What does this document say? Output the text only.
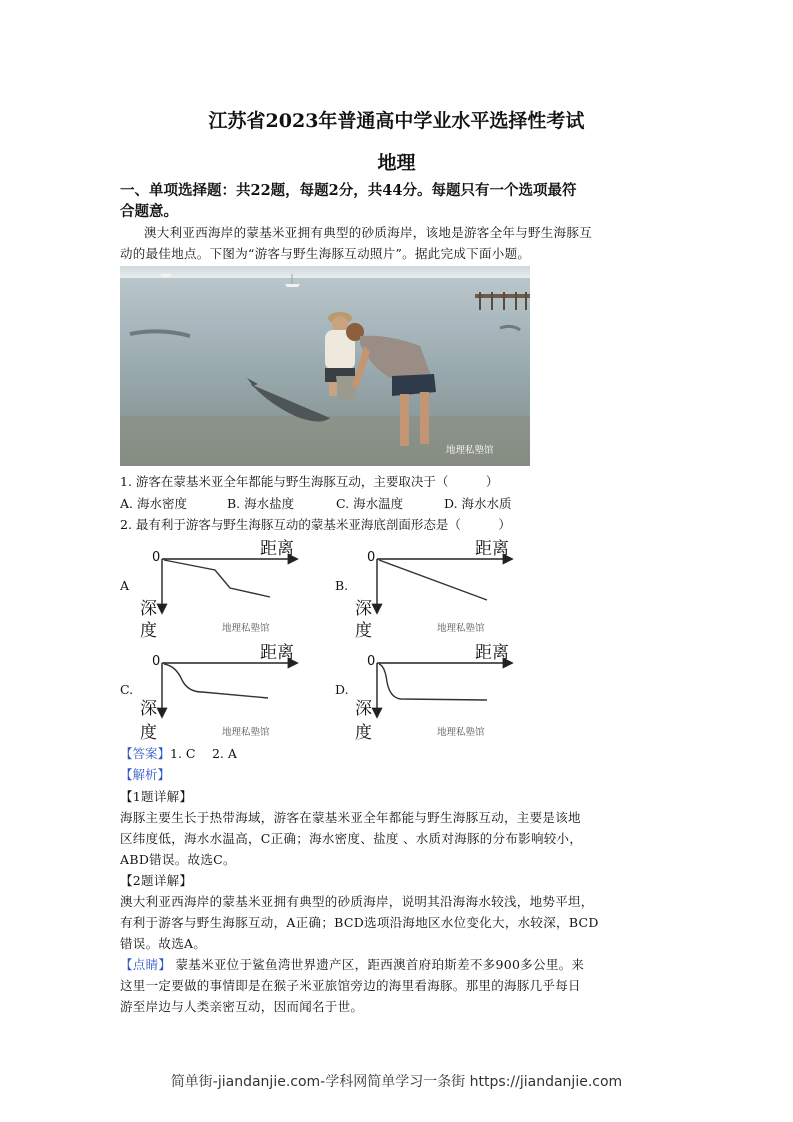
江苏省2023年普通高中学业水平选择性考试
地理
一、单项选择题：共22题，每题2分，共44分。每题只有一个选项最符
合题意。
澳大利亚西海岸的蒙基米亚拥有典型的砂质海岸，该地是游客全年与野生海豚互
动的最佳地点。下图为“游客与野生海豚互动照片”。据此完成下面小题。
地理私塾馆
1. 游客在蒙基米亚全年都能与野生海豚互动，主要取决于（　　　）
A. 海水密度	B. 海水盐度	C. 海水温度	D. 海水水质
2. 最有利于游客与野生海豚互动的蒙基米亚海底剖面形态是（　　　）
A
0	距离
深
度	地理私塾馆
B.
0	距离
深
度	地理私塾馆
C.
0	距离
深
度	地理私塾馆
D.
0	距离
深
度	地理私塾馆
【答案】1. C　 2. A
【解析】
【1题详解】
海豚主要生长于热带海域，游客在蒙基米亚全年都能与野生海豚互动，主要是该地
区纬度低，海水水温高，C正确；海水密度、盐度 、水质对海豚的分布影响较小，
ABD错误。故选C。
【2题详解】
澳大利亚西海岸的蒙基米亚拥有典型的砂质海岸，说明其沿海海水较浅，地势平坦，
有利于游客与野生海豚互动，A正确；BCD选项沿海地区水位变化大，水较深，BCD
错误。故选A。
【点睛】 蒙基米亚位于鲨鱼湾世界遗产区，距西澳首府珀斯差不多900多公里。来
这里一定要做的事情即是在猴子米亚旅馆旁边的海里看海豚。那里的海豚几乎每日
游至岸边与人类亲密互动，因而闻名于世。
简单街-jiandanjie.com-学科网简单学习一条街 https://jiandanjie.com
